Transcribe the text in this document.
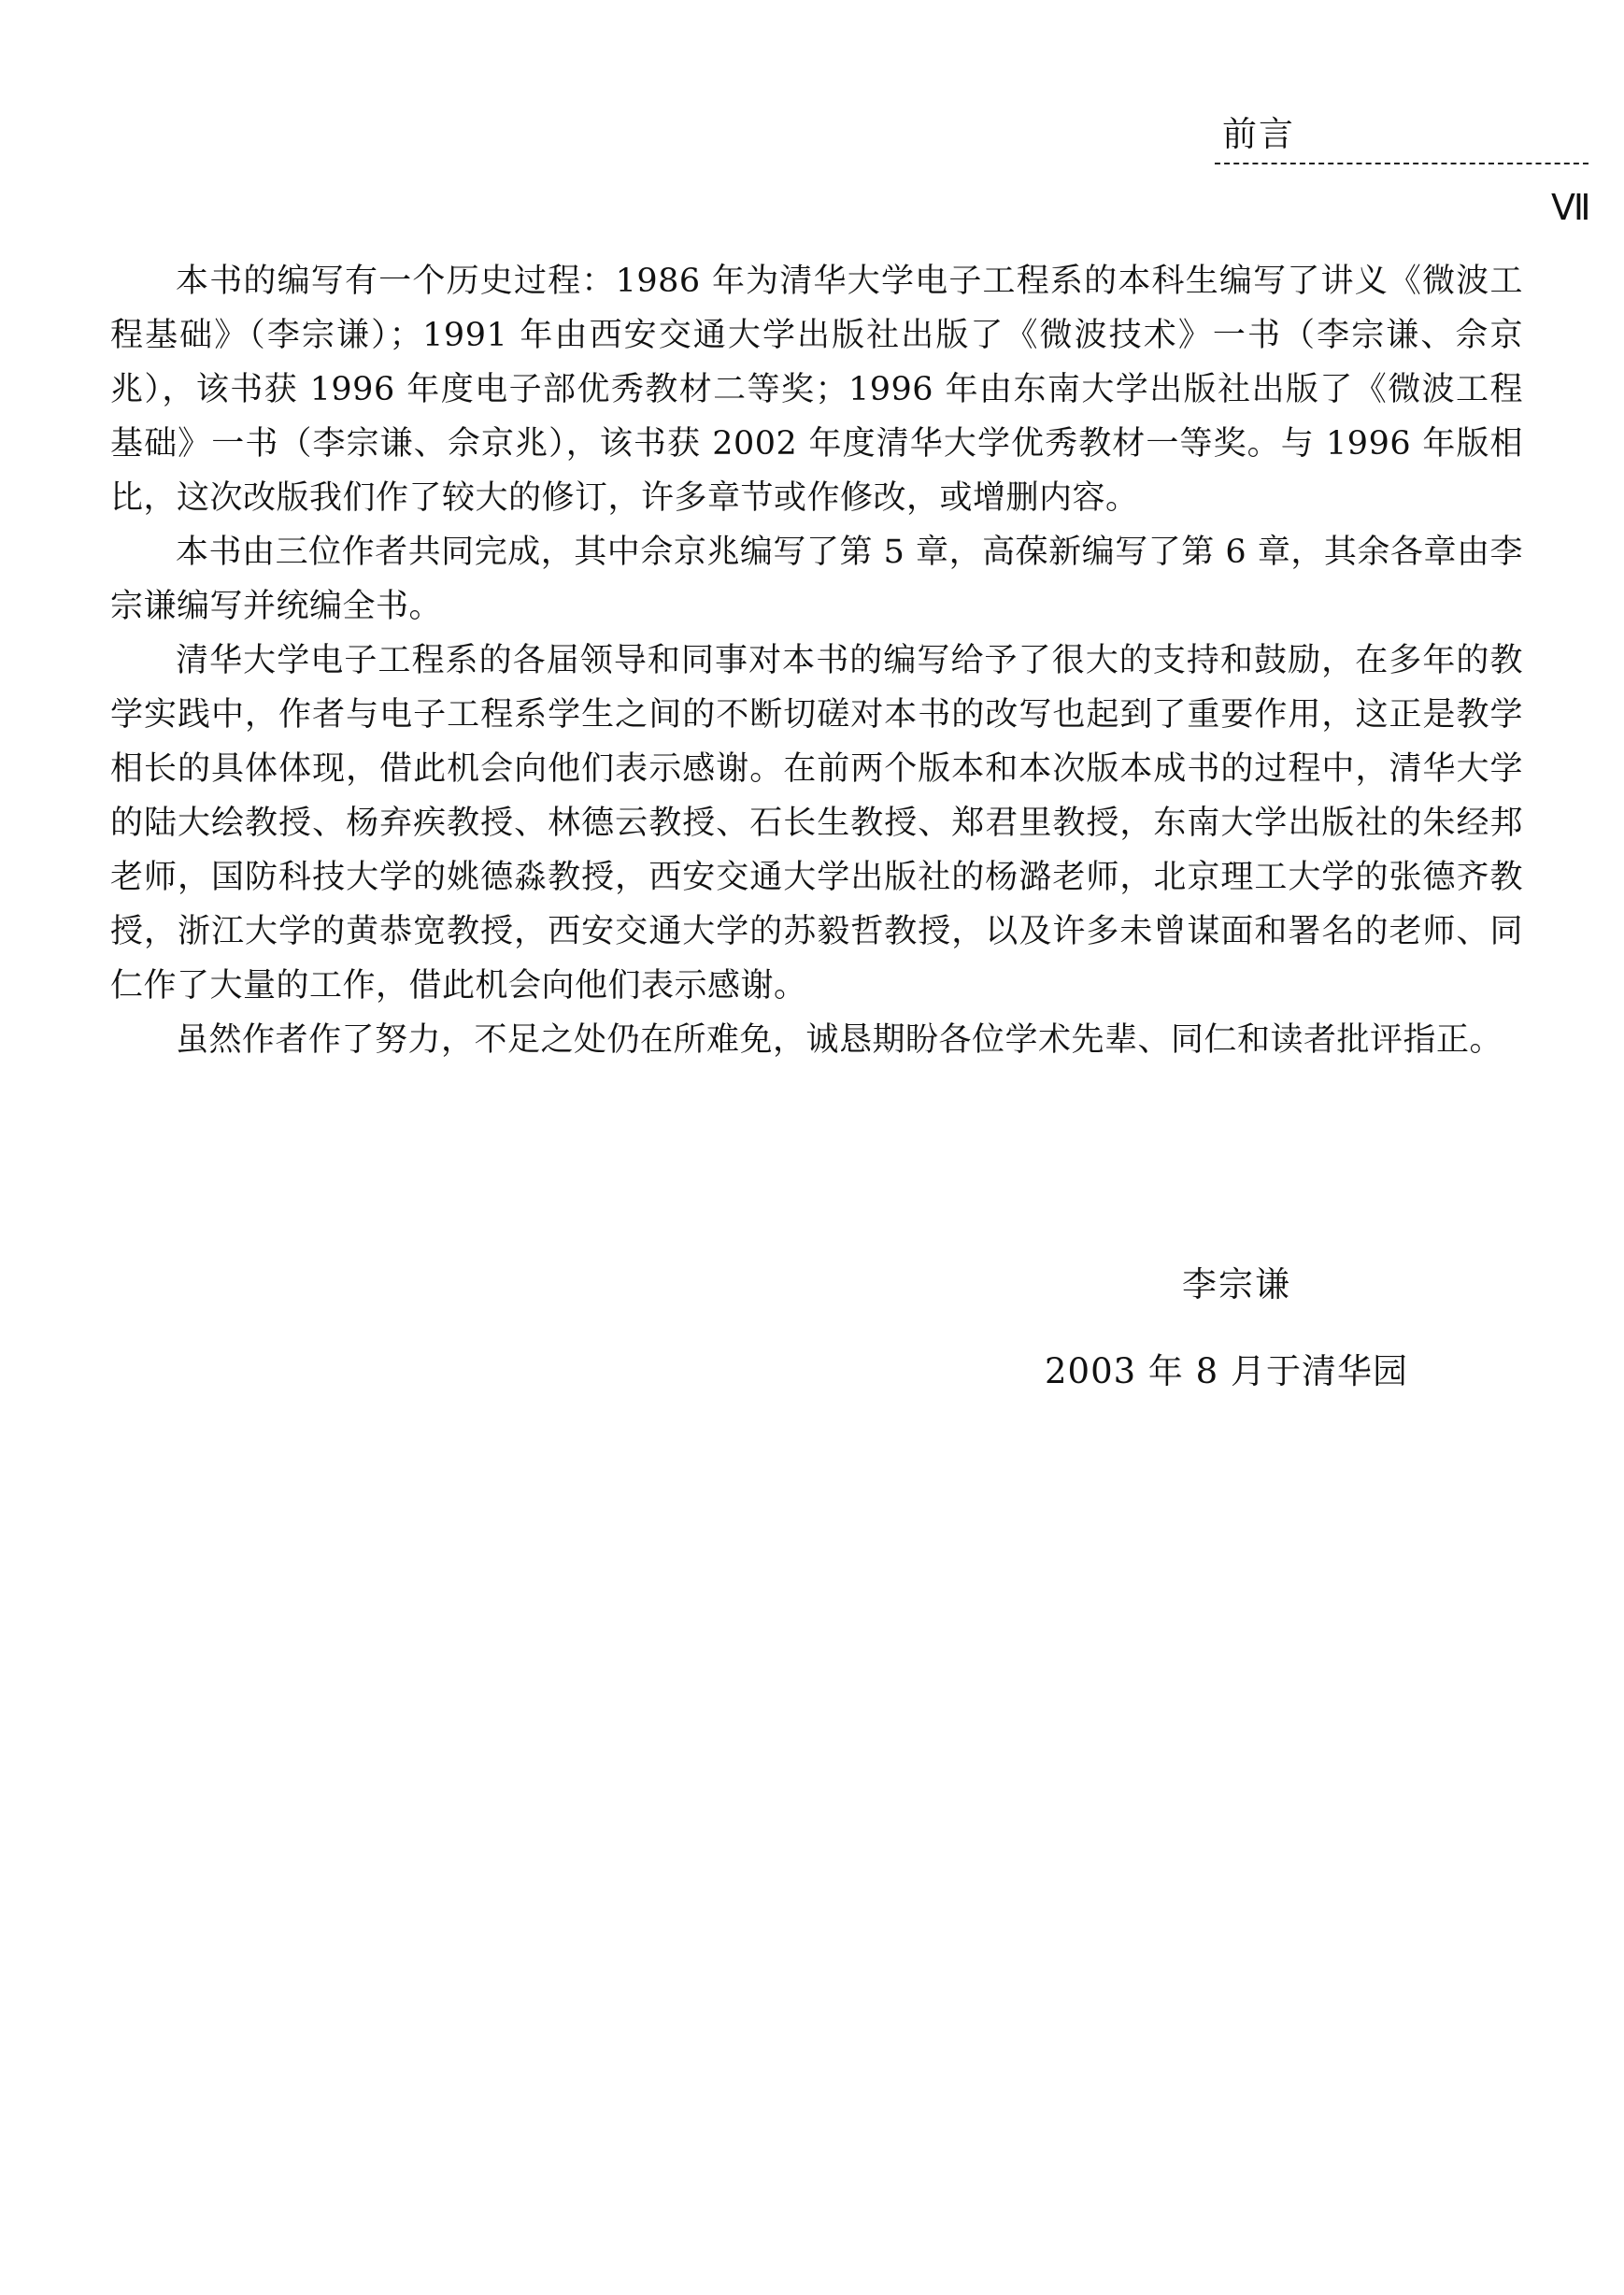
前言
Ⅶ

本书的编写有一个历史过程：1986 年为清华大学电子工程系的本科生编写了讲义《微波工程基础》（李宗谦）；1991 年由西安交通大学出版社出版了《微波技术》一书（李宗谦、佘京兆），该书获 1996 年度电子部优秀教材二等奖；1996 年由东南大学出版社出版了《微波工程基础》一书（李宗谦、佘京兆），该书获 2002 年度清华大学优秀教材一等奖。与 1996 年版相比，这次改版我们作了较大的修订，许多章节或作修改，或增删内容。

本书由三位作者共同完成，其中佘京兆编写了第 5 章，高葆新编写了第 6 章，其余各章由李宗谦编写并统编全书。

清华大学电子工程系的各届领导和同事对本书的编写给予了很大的支持和鼓励，在多年的教学实践中，作者与电子工程系学生之间的不断切磋对本书的改写也起到了重要作用，这正是教学相长的具体体现，借此机会向他们表示感谢。在前两个版本和本次版本成书的过程中，清华大学的陆大绘教授、杨弃疾教授、林德云教授、石长生教授、郑君里教授，东南大学出版社的朱经邦老师，国防科技大学的姚德淼教授，西安交通大学出版社的杨潞老师，北京理工大学的张德齐教授，浙江大学的黄恭宽教授，西安交通大学的苏毅哲教授，以及许多未曾谋面和署名的老师、同仁作了大量的工作，借此机会向他们表示感谢。

虽然作者作了努力，不足之处仍在所难免，诚恳期盼各位学术先辈、同仁和读者批评指正。

李宗谦
2003 年 8 月于清华园
